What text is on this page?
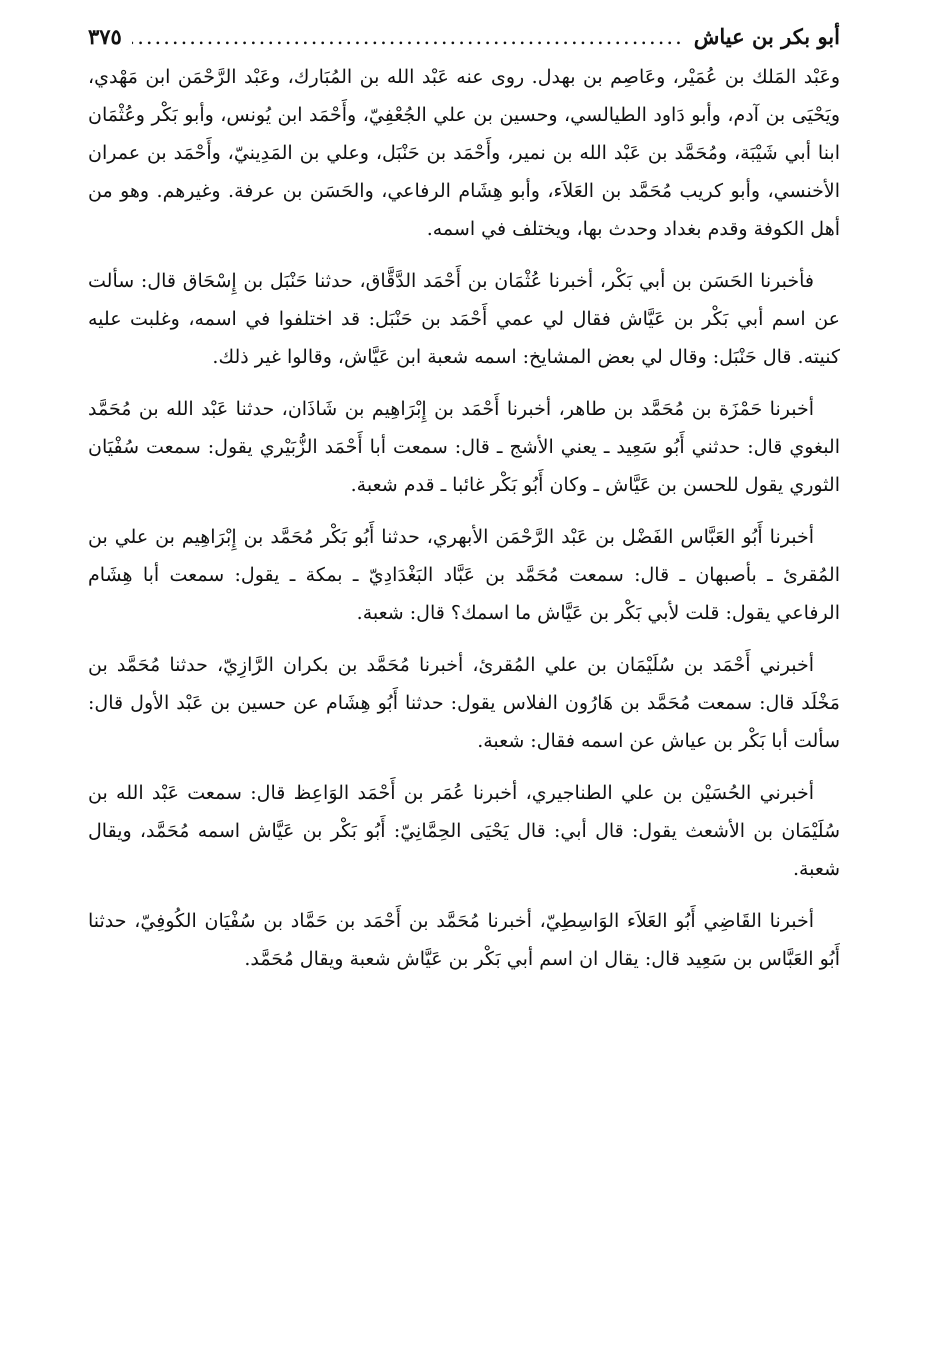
أبو بكر بن عياش
.....
٣٧٥

وعَبْد المَلك بن عُمَيْر، وعَاصِم بن بهدل. روى عنه عَبْد الله بن المُبَارك، وعَبْد الرَّحْمَن ابن مَهْدي، ويَحْيَى بن آدم، وأبو دَاود الطيالسي، وحسين بن علي الجُعْفِيّ، وأَحْمَد ابن يُونس، وأبو بَكْر وعُثْمَان ابنا أبي شَيْبَة، ومُحَمَّد بن عَبْد الله بن نمير، وأَحْمَد بن حَنْبَل، وعلي بن المَدِينيّ، وأَحْمَد بن عمران الأخنسي، وأبو كريب مُحَمَّد بن العَلاَء، وأبو هِشَام الرفاعي، والحَسَن بن عرفة. وغيرهم. وهو من أهل الكوفة وقدم بغداد وحدث بها، ويختلف في اسمه.

فأخبرنا الحَسَن بن أبي بَكْر، أخبرنا عُثْمَان بن أَحْمَد الدَّقَّاق، حدثنا حَنْبَل بن إِسْحَاق قال: سألت عن اسم أبي بَكْر بن عَيَّاش فقال لي عمي أَحْمَد بن حَنْبَل: قد اختلفوا في اسمه، وغلبت عليه كنيته. قال حَنْبَل: وقال لي بعض المشايخ: اسمه شعبة ابن عَيَّاش، وقالوا غير ذلك.

أخبرنا حَمْزَة بن مُحَمَّد بن طاهر، أخبرنا أَحْمَد بن إِبْرَاهِيم بن شَاذَان، حدثنا عَبْد الله بن مُحَمَّد البغوي قال: حدثني أَبُو سَعِيد ـ يعني الأشج ـ قال: سمعت أبا أَحْمَد الزُّبَيْري يقول: سمعت سُفْيَان الثوري يقول للحسن بن عَيَّاش ـ وكان أَبُو بَكْر غائبا ـ قدم شعبة.

أخبرنا أَبُو العَبَّاس الفَضْل بن عَبْد الرَّحْمَن الأبهري، حدثنا أَبُو بَكْر مُحَمَّد بن إِبْرَاهِيم بن علي بن المُقرئ ـ بأصبهان ـ قال: سمعت مُحَمَّد بن عَبَّاد البَغْدَادِيّ ـ بمكة ـ يقول: سمعت أبا هِشَام الرفاعي يقول: قلت لأبي بَكْر بن عَيَّاش ما اسمك؟ قال: شعبة.

أخبرني أَحْمَد بن سُلَيْمَان بن علي المُقرئ، أخبرنا مُحَمَّد بن بكران الرَّازِيّ، حدثنا مُحَمَّد بن مَخْلَد قال: سمعت مُحَمَّد بن هَارُون الفلاس يقول: حدثنا أَبُو هِشَام عن حسين بن عَبْد الأول قال: سألت أبا بَكْر بن عياش عن اسمه فقال: شعبة.

أخبرني الحُسَيْن بن علي الطناجيري، أخبرنا عُمَر بن أَحْمَد الوَاعِظ قال: سمعت عَبْد الله بن سُلَيْمَان بن الأشعث يقول: قال أبي: قال يَحْيَى الحِمَّانِيّ: أَبُو بَكْر بن عَيَّاش اسمه مُحَمَّد، ويقال شعبة.

أخبرنا القَاضِي أَبُو العَلاَء الوَاسِطِيّ، أخبرنا مُحَمَّد بن أَحْمَد بن حَمَّاد بن سُفْيَان الكُوفِيّ، حدثنا أَبُو العَبَّاس بن سَعِيد قال: يقال ان اسم أبي بَكْر بن عَيَّاش شعبة ويقال مُحَمَّد.
